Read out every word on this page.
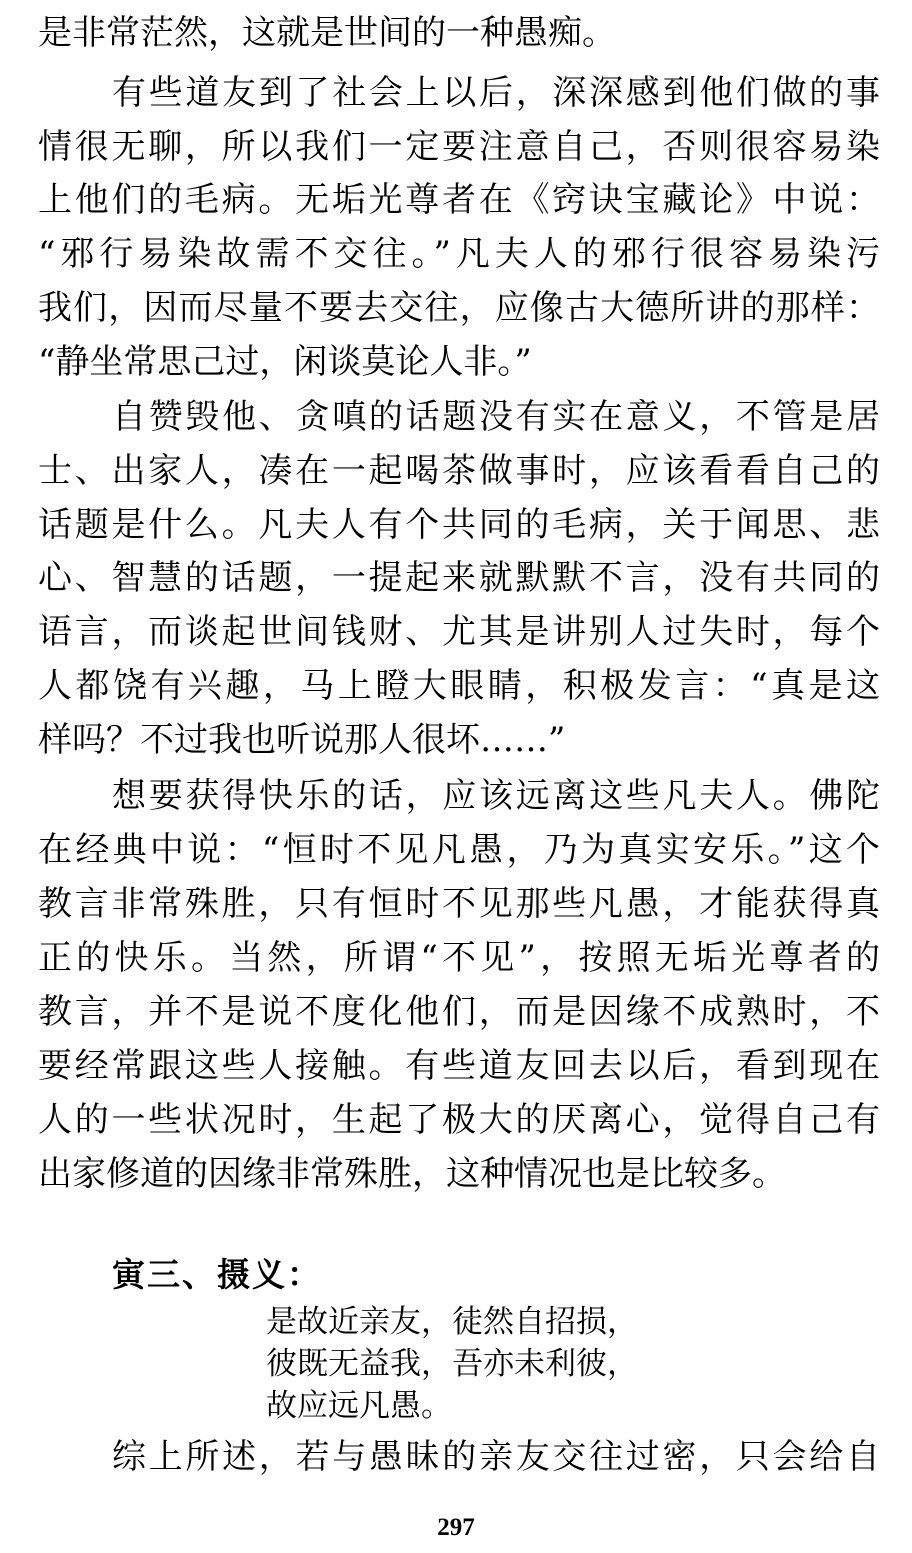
是非常茫然，这就是世间的一种愚痴。
有些道友到了社会上以后，深深感到他们做的事
情很无聊，所以我们一定要注意自己，否则很容易染
上他们的毛病。无垢光尊者在《窍诀宝藏论》中说：
“邪行易染故需不交往。”凡夫人的邪行很容易染污
我们，因而尽量不要去交往，应像古大德所讲的那样：
“静坐常思己过，闲谈莫论人非。”
自赞毁他、贪嗔的话题没有实在意义，不管是居
士、出家人，凑在一起喝茶做事时，应该看看自己的
话题是什么。凡夫人有个共同的毛病，关于闻思、悲
心、智慧的话题，一提起来就默默不言，没有共同的
语言，而谈起世间钱财、尤其是讲别人过失时，每个
人都饶有兴趣，马上瞪大眼睛，积极发言：“真是这
样吗？不过我也听说那人很坏……”
想要获得快乐的话，应该远离这些凡夫人。佛陀
在经典中说：“恒时不见凡愚，乃为真实安乐。”这个
教言非常殊胜，只有恒时不见那些凡愚，才能获得真
正的快乐。当然，所谓“不见”，按照无垢光尊者的
教言，并不是说不度化他们，而是因缘不成熟时，不
要经常跟这些人接触。有些道友回去以后，看到现在
人的一些状况时，生起了极大的厌离心，觉得自己有
出家修道的因缘非常殊胜，这种情况也是比较多。
寅三、摄义：
是故近亲友，徒然自招损，
彼既无益我，吾亦未利彼，
故应远凡愚。
综上所述，若与愚昧的亲友交往过密，只会给自
297
